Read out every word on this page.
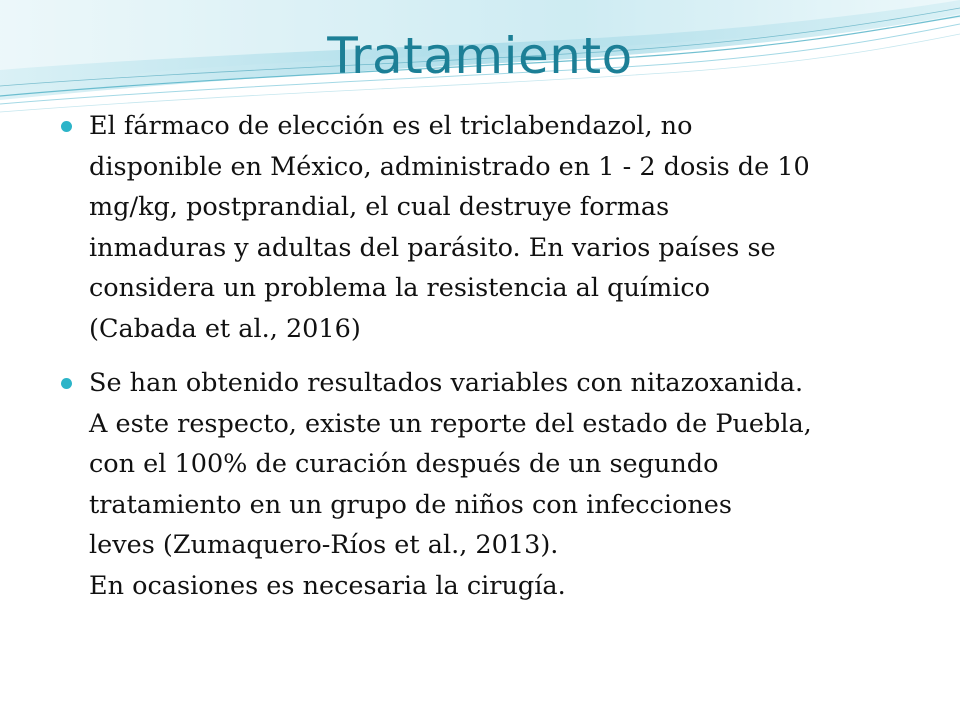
Tratamiento
El fármaco de elección es el triclabendazol, no
disponible en México, administrado en 1 - 2 dosis de 10
mg/kg, postprandial, el cual destruye formas
inmaduras y adultas del parásito. En varios países se
considera un problema la resistencia al químico
(Cabada et al., 2016)
Se han obtenido resultados variables con nitazoxanida.
A este respecto, existe un reporte del estado de Puebla,
con el 100% de curación después de un segundo
tratamiento en un grupo de niños con infecciones
leves (Zumaquero-Ríos et al., 2013).
En ocasiones es necesaria la cirugía.
